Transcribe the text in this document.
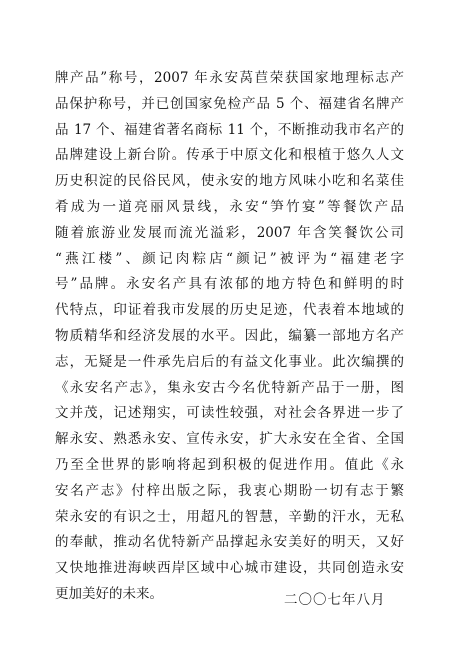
牌产品”称号，2007 年永安莴苣荣获国家地理标志产
品保护称号，并已创国家免检产品 5 个、福建省名牌产
品 17 个、福建省著名商标 11 个，不断推动我市名产的
品牌建设上新台阶。传承于中原文化和根植于悠久人文
历史积淀的民俗民风，使永安的地方风味小吃和名菜佳
肴成为一道亮丽风景线，永安“笋竹宴”等餐饮产品
随着旅游业发展而流光溢彩，2007 年含笑餐饮公司
“燕江楼”、颜记肉粽店“颜记”被评为“福建老字
号”品牌。永安名产具有浓郁的地方特色和鲜明的时
代特点，印证着我市发展的历史足迹，代表着本地域的
物质精华和经济发展的水平。因此，编纂一部地方名产
志，无疑是一件承先启后的有益文化事业。此次编撰的
《永安名产志》，集永安古今名优特新产品于一册，图
文并茂，记述翔实，可读性较强，对社会各界进一步了
解永安、熟悉永安、宣传永安，扩大永安在全省、全国
乃至全世界的影响将起到积极的促进作用。值此《永
安名产志》付梓出版之际，我衷心期盼一切有志于繁
荣永安的有识之士，用超凡的智慧，辛勤的汗水，无私
的奉献，推动名优特新产品撑起永安美好的明天，又好
又快地推进海峡西岸区域中心城市建设，共同创造永安
更加美好的未来。	二〇〇七年八月
